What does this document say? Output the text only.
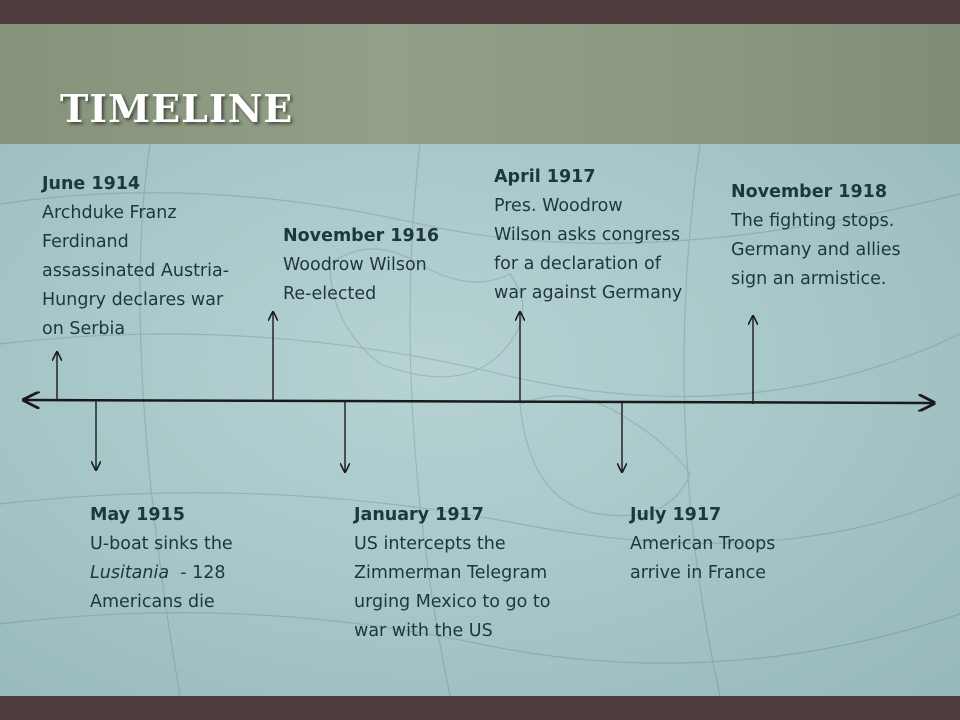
TIMELINE
June 1914
Archduke Franz
Ferdinand
assassinated Austria-
Hungry declares war
on Serbia
May 1915
U-boat sinks the
Lusitania  - 128
Americans die
November 1916
Woodrow Wilson
Re-elected
January 1917
US intercepts the
Zimmerman Telegram
urging Mexico to go to
war with the US
April 1917
Pres. Woodrow
Wilson asks congress
for a declaration of
war against Germany
July 1917
American Troops
arrive in France
November 1918
The fighting stops.
Germany and allies
sign an armistice.
